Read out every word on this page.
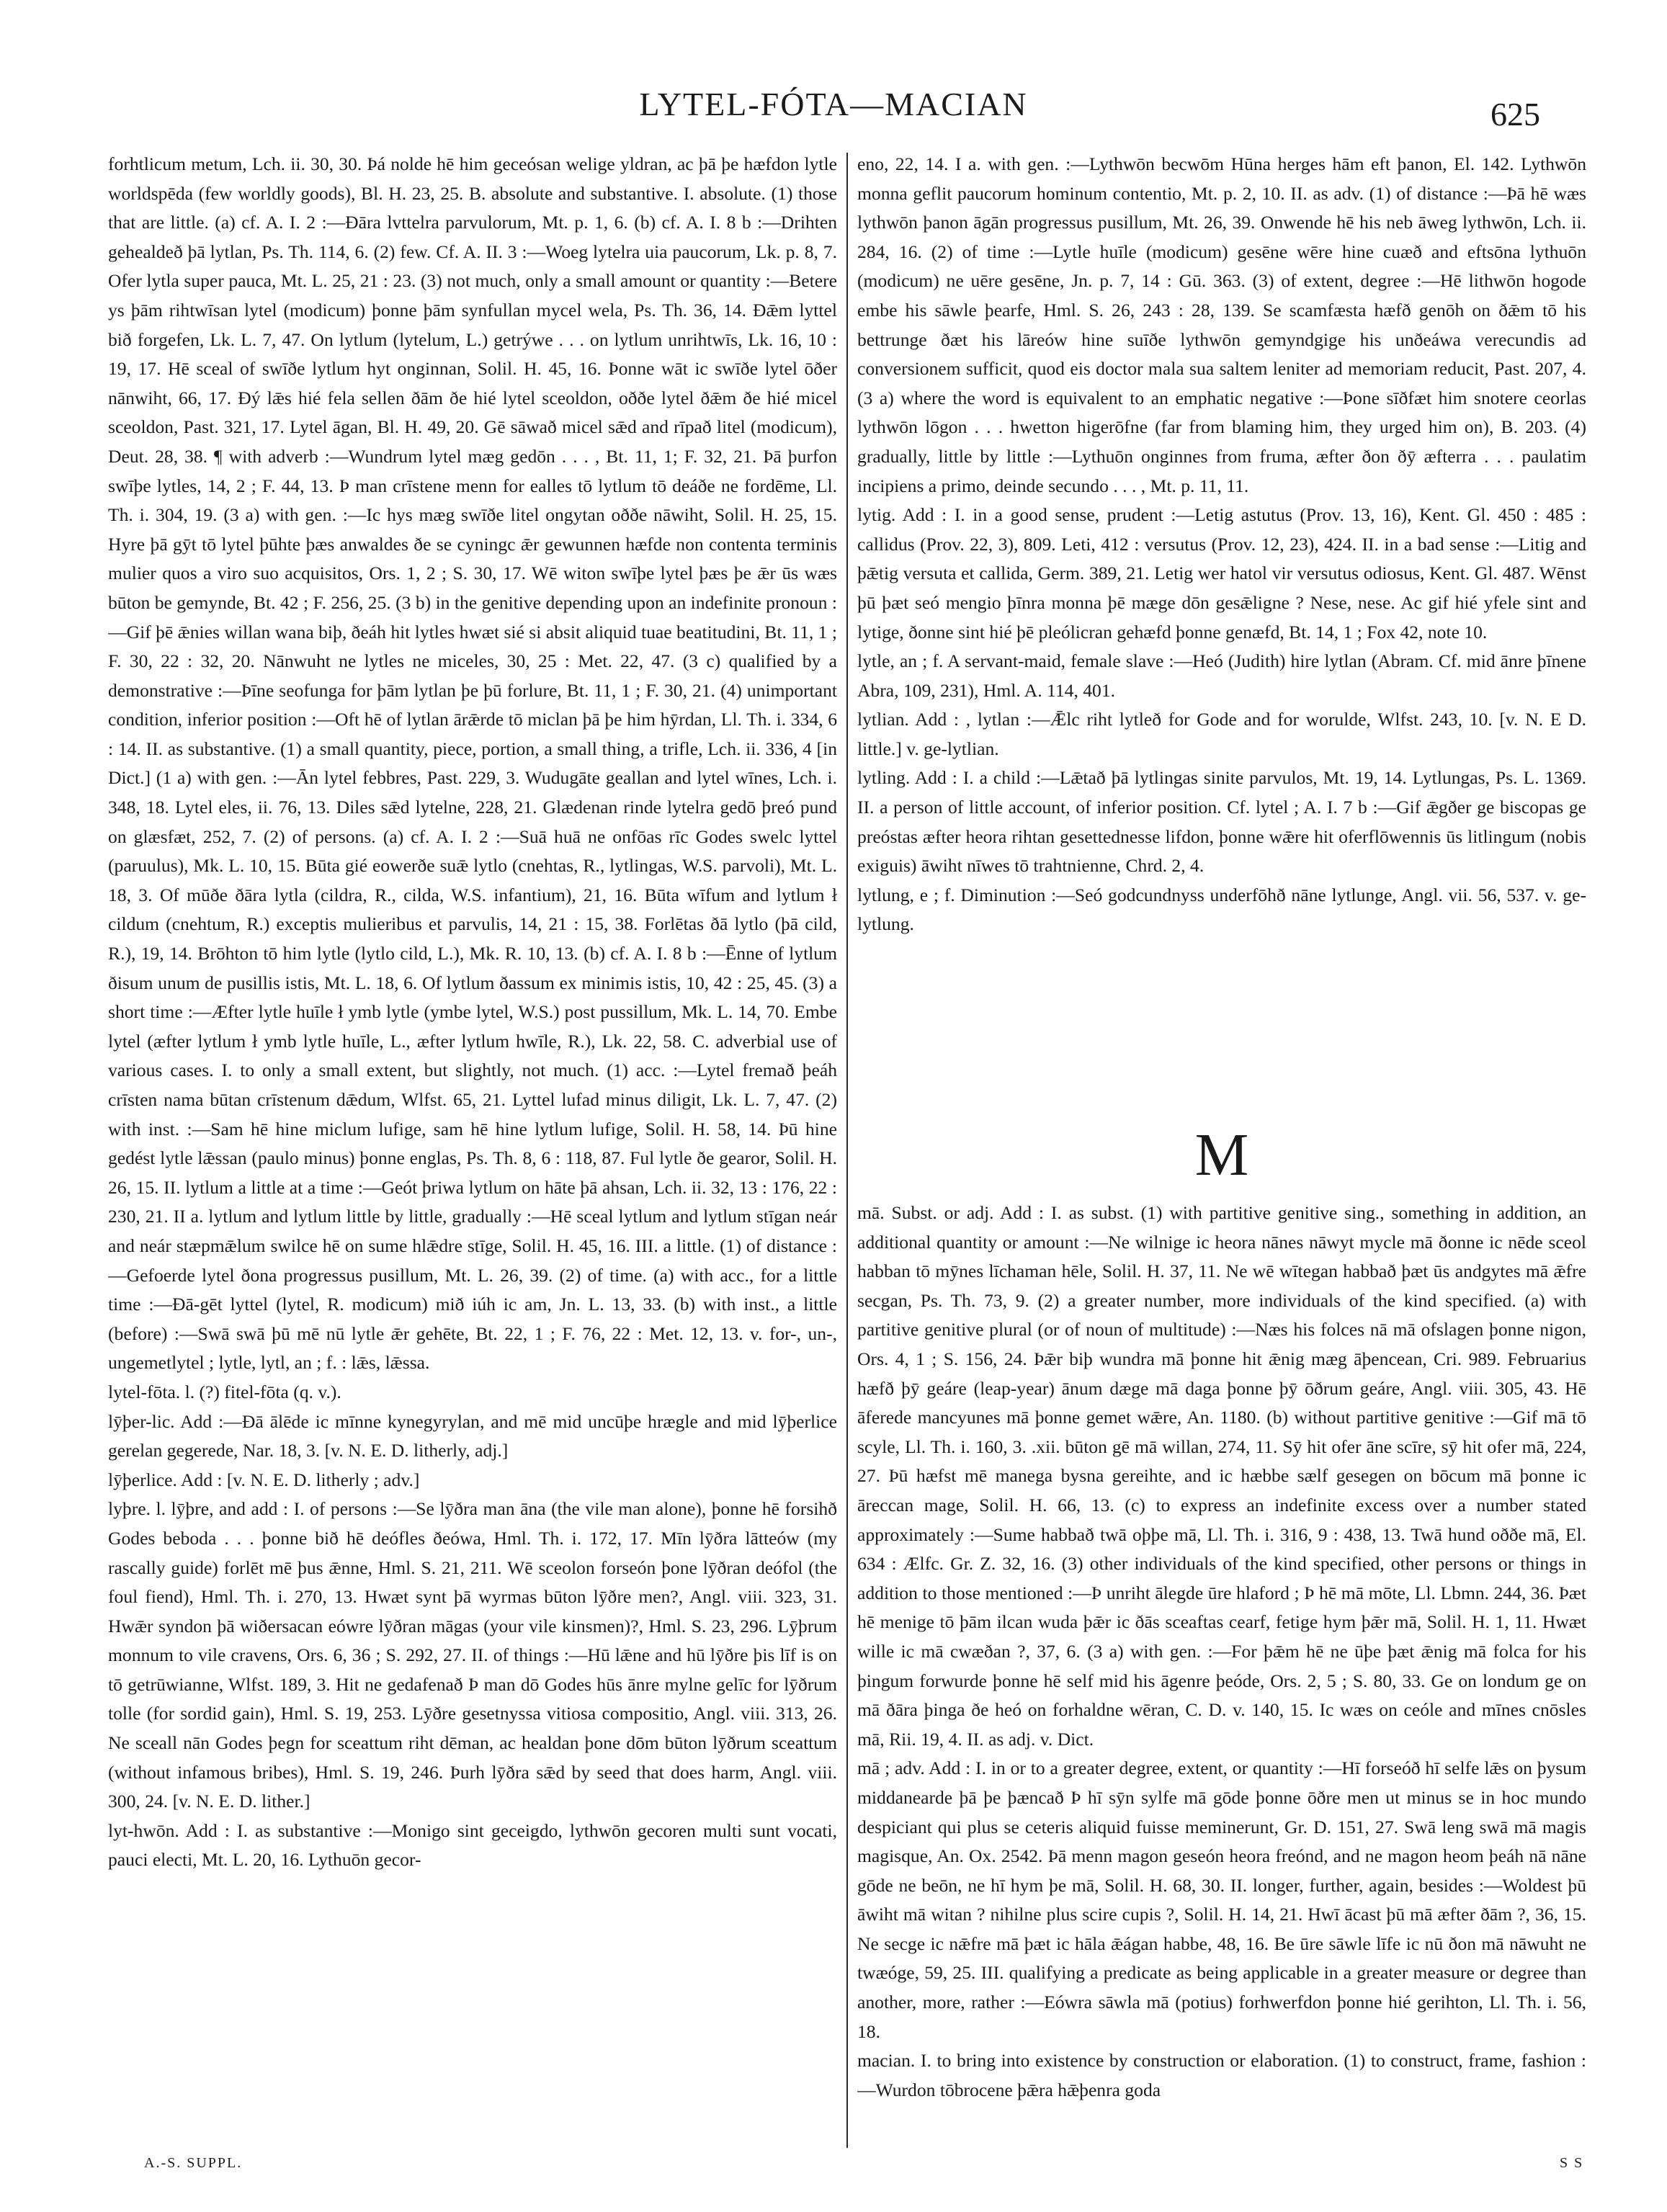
LYTEL-FÓTA—MACIAN	625

forhtlicum metum, Lch. ii. 30, 30. Þá nolde hē him geceósan welige yldran, ac þā þe hæfdon lytle worldspēda (few worldly goods), Bl. H. 23, 25. B. absolute and substantive. I. absolute. (1) those that are little. (a) cf. A. I. 2 :—Ðāra lvttelra parvulorum, Mt. p. 1, 6. (b) cf. A. I. 8 b :—Drihten gehealdeð þā lytlan, Ps. Th. 114, 6. (2) few. Cf. A. II. 3 :—Woeg lytelra uia paucorum, Lk. p. 8, 7. Ofer lytla super pauca, Mt. L. 25, 21 : 23. (3) not much, only a small amount or quantity :—Betere ys þām rihtwīsan lytel (modicum) þonne þām synfullan mycel wela, Ps. Th. 36, 14. Ðǣm lyttel bið forgefen, Lk. L. 7, 47. On lytlum (lytelum, L.) getrýwe . . . on lytlum unrihtwīs, Lk. 16, 10 : 19, 17. Hē sceal of swīðe lytlum hyt onginnan, Solil. H. 45, 16. Þonne wāt ic swīðe lytel ōðer nānwiht, 66, 17. Ðý lǣs hié fela sellen ðām ðe hié lytel sceoldon, oððe lytel ðǣm ðe hié micel sceoldon, Past. 321, 17. Lytel āgan, Bl. H. 49, 20. Gē sāwað micel sǣd and rīpað litel (modicum), Deut. 28, 38. ¶ with adverb :—Wundrum lytel mæg gedōn . . . , Bt. 11, 1; F. 32, 21. Þā þurfon swīþe lytles, 14, 2 ; F. 44, 13. Þ man crīstene menn for ealles tō lytlum tō deáðe ne fordēme, Ll. Th. i. 304, 19. (3 a) with gen. :—Ic hys mæg swīðe litel ongytan oððe nāwiht, Solil. H. 25, 15. Hyre þā gȳt tō lytel þūhte þæs anwaldes ðe se cyningc ǣr gewunnen hæfde non contenta terminis mulier quos a viro suo acquisitos, Ors. 1, 2 ; S. 30, 17. Wē witon swīþe lytel þæs þe ǣr ūs wæs būton be gemynde, Bt. 42 ; F. 256, 25. (3 b) in the genitive depending upon an indefinite pronoun :—Gif þē ǣnies willan wana biþ, ðeáh hit lytles hwæt sié si absit aliquid tuae beatitudini, Bt. 11, 1 ; F. 30, 22 : 32, 20. Nānwuht ne lytles ne miceles, 30, 25 : Met. 22, 47. (3 c) qualified by a demonstrative :—Þīne seofunga for þām lytlan þe þū forlure, Bt. 11, 1 ; F. 30, 21. (4) unimportant condition, inferior position :—Oft hē of lytlan ārǣrde tō miclan þā þe him hȳrdan, Ll. Th. i. 334, 6 : 14. II. as substantive. (1) a small quantity, piece, portion, a small thing, a trifle, Lch. ii. 336, 4 [in Dict.] (1 a) with gen. :—Ān lytel febbres, Past. 229, 3. Wudugāte geallan and lytel wīnes, Lch. i. 348, 18. Lytel eles, ii. 76, 13. Diles sǣd lytelne, 228, 21. Glædenan rinde lytelra gedō þreó pund on glæsfæt, 252, 7. (2) of persons. (a) cf. A. I. 2 :—Suā huā ne onfōas rīc Godes swelc lyttel (paruulus), Mk. L. 10, 15. Būta gié eowerðe suǣ lytlo (cnehtas, R., lytlingas, W.S. parvoli), Mt. L. 18, 3. Of mūðe ðāra lytla (cildra, R., cilda, W.S. infantium), 21, 16. Būta wīfum and lytlum ł cildum (cnehtum, R.) exceptis mulieribus et parvulis, 14, 21 : 15, 38. Forlētas ðā lytlo (þā cild, R.), 19, 14. Brōhton tō him lytle (lytlo cild, L.), Mk. R. 10, 13. (b) cf. A. I. 8 b :—Ēnne of lytlum ðisum unum de pusillis istis, Mt. L. 18, 6. Of lytlum ðassum ex minimis istis, 10, 42 : 25, 45. (3) a short time :—Æfter lytle huīle ł ymb lytle (ymbe lytel, W.S.) post pussillum, Mk. L. 14, 70. Embe lytel (æfter lytlum ł ymb lytle huīle, L., æfter lytlum hwīle, R.), Lk. 22, 58. C. adverbial use of various cases. I. to only a small extent, but slightly, not much. (1) acc. :—Lytel fremað þeáh crīsten nama būtan crīstenum dǣdum, Wlfst. 65, 21. Lyttel lufad minus diligit, Lk. L. 7, 47. (2) with inst. :—Sam hē hine miclum lufige, sam hē hine lytlum lufige, Solil. H. 58, 14. Þū hine gedést lytle lǣssan (paulo minus) þonne englas, Ps. Th. 8, 6 : 118, 87. Ful lytle ðe gearor, Solil. H. 26, 15. II. lytlum a little at a time :—Geót þriwa lytlum on hāte þā ahsan, Lch. ii. 32, 13 : 176, 22 : 230, 21. II a. lytlum and lytlum little by little, gradually :—Hē sceal lytlum and lytlum stīgan neár and neár stæpmǣlum swilce hē on sume hlǣdre stīge, Solil. H. 45, 16. III. a little. (1) of distance :—Gefoerde lytel ðona progressus pusillum, Mt. L. 26, 39. (2) of time. (a) with acc., for a little time :—Ðā-gēt lyttel (lytel, R. modicum) mið iúh ic am, Jn. L. 13, 33. (b) with inst., a little (before) :—Swā swā þū mē nū lytle ǣr gehēte, Bt. 22, 1 ; F. 76, 22 : Met. 12, 13. v. for-, un-, ungemetlytel ; lytle, lytl, an ; f. : lǣs, lǣssa.

lytel-fōta. l. (?) fitel-fōta (q. v.).

lȳþer-lic. Add :—Ðā ālēde ic mīnne kynegyrylan, and mē mid uncūþe hrægle and mid lȳþerlice gerelan gegerede, Nar. 18, 3. [v. N. E. D. litherly, adj.]

lȳþerlice. Add : [v. N. E. D. litherly ; adv.]

lyþre. l. lȳþre, and add : I. of persons :—Se lȳðra man āna (the vile man alone), þonne hē forsihð Godes beboda . . . þonne bið hē deófles ðeówa, Hml. Th. i. 172, 17. Mīn lȳðra lātteów (my rascally guide) forlēt mē þus ǣnne, Hml. S. 21, 211. Wē sceolon forseón þone lȳðran deófol (the foul fiend), Hml. Th. i. 270, 13. Hwæt synt þā wyrmas būton lȳðre men?, Angl. viii. 323, 31. Hwǣr syndon þā wiðersacan eówre lȳðran māgas (your vile kinsmen)?, Hml. S. 23, 296. Lȳþrum monnum to vile cravens, Ors. 6, 36 ; S. 292, 27. II. of things :—Hū lǣne and hū lȳðre þis līf is on tō getrūwianne, Wlfst. 189, 3. Hit ne gedafenað Þ man dō Godes hūs ānre mylne gelīc for lȳðrum tolle (for sordid gain), Hml. S. 19, 253. Lȳðre gesetnyssa vitiosa compositio, Angl. viii. 313, 26. Ne sceall nān Godes þegn for sceattum riht dēman, ac healdan þone dōm būton lȳðrum sceattum (without infamous bribes), Hml. S. 19, 246. Þurh lȳðra sǣd by seed that does harm, Angl. viii. 300, 24. [v. N. E. D. lither.]

lyt-hwōn. Add : I. as substantive :—Monigo sint geceigdo, lythwōn gecoren multi sunt vocati, pauci electi, Mt. L. 20, 16. Lythuōn gecor-

eno, 22, 14. I a. with gen. :—Lythwōn becwōm Hūna herges hām eft þanon, El. 142. Lythwōn monna geflit paucorum hominum contentio, Mt. p. 2, 10. II. as adv. (1) of distance :—Þā hē wæs lythwōn þanon āgān progressus pusillum, Mt. 26, 39. Onwende hē his neb āweg lythwōn, Lch. ii. 284, 16. (2) of time :—Lytle huīle (modicum) gesēne wēre hine cuæð and eftsōna lythuōn (modicum) ne uēre gesēne, Jn. p. 7, 14 : Gū. 363. (3) of extent, degree :—Hē lithwōn hogode embe his sāwle þearfe, Hml. S. 26, 243 : 28, 139. Se scamfæsta hæfð genōh on ðǣm tō his bettrunge ðæt his lāreów hine suīðe lythwōn gemyndgige his unðeáwa verecundis ad conversionem sufficit, quod eis doctor mala sua saltem leniter ad memoriam reducit, Past. 207, 4. (3 a) where the word is equivalent to an emphatic negative :—Þone sīðfæt him snotere ceorlas lythwōn lōgon . . . hwetton higerōfne (far from blaming him, they urged him on), B. 203. (4) gradually, little by little :—Lythuōn onginnes from fruma, æfter ðon ðȳ æfterra . . . paulatim incipiens a primo, deinde secundo . . . , Mt. p. 11, 11.

lytig. Add : I. in a good sense, prudent :—Letig astutus (Prov. 13, 16), Kent. Gl. 450 : 485 : callidus (Prov. 22, 3), 809. Leti, 412 : versutus (Prov. 12, 23), 424. II. in a bad sense :—Litig and þǣtig versuta et callida, Germ. 389, 21. Letig wer hatol vir versutus odiosus, Kent. Gl. 487. Wēnst þū þæt seó mengio þīnra monna þē mæge dōn gesǣligne ? Nese, nese. Ac gif hié yfele sint and lytige, ðonne sint hié þē pleólicran gehæfd þonne genæfd, Bt. 14, 1 ; Fox 42, note 10.

lytle, an ; f. A servant-maid, female slave :—Heó (Judith) hire lytlan (Abram. Cf. mid ānre þīnene Abra, 109, 231), Hml. A. 114, 401.

lytlian. Add : , lytlan :—Ǣlc riht lytleð for Gode and for worulde, Wlfst. 243, 10. [v. N. E D. little.] v. ge-lytlian.

lytling. Add : I. a child :—Lǣtað þā lytlingas sinite parvulos, Mt. 19, 14. Lytlungas, Ps. L. 1369. II. a person of little account, of inferior position. Cf. lytel ; A. I. 7 b :—Gif ǣgðer ge biscopas ge preóstas æfter heora rihtan gesettednesse lifdon, þonne wǣre hit oferflōwennis ūs litlingum (nobis exiguis) āwiht nīwes tō trahtnienne, Chrd. 2, 4.

lytlung, e ; f. Diminution :—Seó godcundnyss underfōhð nāne lytlunge, Angl. vii. 56, 537. v. ge-lytlung.

M

mā. Subst. or adj. Add : I. as subst. (1) with partitive genitive sing., something in addition, an additional quantity or amount :—Ne wilnige ic heora nānes nāwyt mycle mā ðonne ic nēde sceol habban tō mȳnes līchaman hēle, Solil. H. 37, 11. Ne wē wītegan habbað þæt ūs andgytes mā ǣfre secgan, Ps. Th. 73, 9. (2) a greater number, more individuals of the kind specified. (a) with partitive genitive plural (or of noun of multitude) :—Næs his folces nā mā ofslagen þonne nigon, Ors. 4, 1 ; S. 156, 24. Þǣr biþ wundra mā þonne hit ǣnig mæg āþencean, Cri. 989. Februarius hæfð þȳ geáre (leap-year) ānum dæge mā daga þonne þȳ ōðrum geáre, Angl. viii. 305, 43. Hē āferede mancyunes mā þonne gemet wǣre, An. 1180. (b) without partitive genitive :—Gif mā tō scyle, Ll. Th. i. 160, 3. .xii. būton gē mā willan, 274, 11. Sȳ hit ofer āne scīre, sȳ hit ofer mā, 224, 27. Þū hæfst mē manega bysna gereihte, and ic hæbbe sælf gesegen on bōcum mā þonne ic āreccan mage, Solil. H. 66, 13. (c) to express an indefinite excess over a number stated approximately :—Sume habbað twā oþþe mā, Ll. Th. i. 316, 9 : 438, 13. Twā hund oððe mā, El. 634 : Ælfc. Gr. Z. 32, 16. (3) other individuals of the kind specified, other persons or things in addition to those mentioned :—Þ unriht ālegde ūre hlaford ; Þ hē mā mōte, Ll. Lbmn. 244, 36. Þæt hē menige tō þām ilcan wuda þǣr ic ðās sceaftas cearf, fetige hym þǣr mā, Solil. H. 1, 11. Hwæt wille ic mā cwæðan ?, 37, 6. (3 a) with gen. :—For þǣm hē ne ūþe þæt ǣnig mā folca for his þingum forwurde þonne hē self mid his āgenre þeóde, Ors. 2, 5 ; S. 80, 33. Ge on londum ge on mā ðāra þinga ðe heó on forhaldne wēran, C. D. v. 140, 15. Ic wæs on ceóle and mīnes cnōsles mā, Rii. 19, 4. II. as adj. v. Dict.

mā ; adv. Add : I. in or to a greater degree, extent, or quantity :—Hī forseóð hī selfe lǣs on þysum middanearde þā þe þæncað Þ hī sȳn sylfe mā gōde þonne ōðre men ut minus se in hoc mundo despiciant qui plus se ceteris aliquid fuisse meminerunt, Gr. D. 151, 27. Swā leng swā mā magis magisque, An. Ox. 2542. Þā menn magon geseón heora freónd, and ne magon heom þeáh nā nāne gōde ne beōn, ne hī hym þe mā, Solil. H. 68, 30. II. longer, further, again, besides :—Woldest þū āwiht mā witan ? nihilne plus scire cupis ?, Solil. H. 14, 21. Hwī ācast þū mā æfter ðām ?, 36, 15. Ne secge ic nǣfre mā þæt ic hāla ǣágan habbe, 48, 16. Be ūre sāwle līfe ic nū ðon mā nāwuht ne twæóge, 59, 25. III. qualifying a predicate as being applicable in a greater measure or degree than another, more, rather :—Eówra sāwla mā (potius) forhwerfdon þonne hié gerihton, Ll. Th. i. 56, 18.

macian. I. to bring into existence by construction or elaboration. (1) to construct, frame, fashion :—Wurdon tōbrocene þǣra hǣþenra goda

A.-S. SUPPL.	S S
